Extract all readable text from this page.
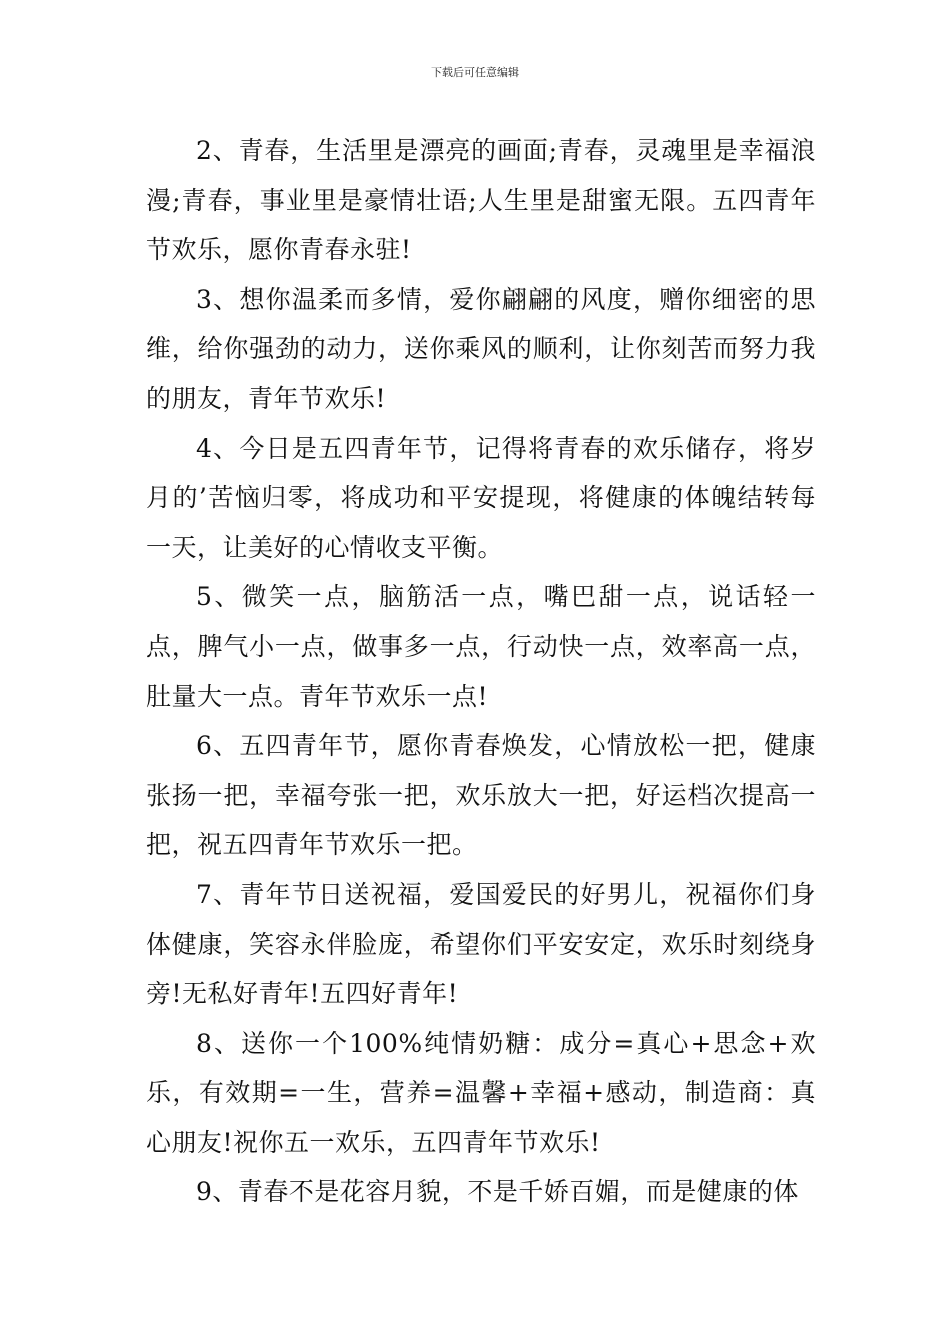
下载后可任意编辑

2、青春，生活里是漂亮的画面;青春，灵魂里是幸福浪漫;青春，事业里是豪情壮语;人生里是甜蜜无限。五四青年节欢乐，愿你青春永驻!

3、想你温柔而多情，爱你翩翩的风度，赠你细密的思维，给你强劲的动力，送你乘风的顺利，让你刻苦而努力我的朋友，青年节欢乐!

4、今日是五四青年节，记得将青春的欢乐储存，将岁月的’苦恼归零，将成功和平安提现，将健康的体魄结转每一天，让美好的心情收支平衡。

5、微笑一点，脑筋活一点，嘴巴甜一点，说话轻一点，脾气小一点，做事多一点，行动快一点，效率高一点，肚量大一点。青年节欢乐一点!

6、五四青年节，愿你青春焕发，心情放松一把，健康张扬一把，幸福夸张一把，欢乐放大一把，好运档次提高一把，祝五四青年节欢乐一把。

7、青年节日送祝福，爱国爱民的好男儿，祝福你们身体健康，笑容永伴脸庞，希望你们平安安定，欢乐时刻绕身旁!无私好青年!五四好青年!

8、送你一个100%纯情奶糖：成分=真心+思念+欢乐，有效期=一生，营养=温馨+幸福+感动，制造商：真心朋友!祝你五一欢乐，五四青年节欢乐!

9、青春不是花容月貌，不是千娇百媚，而是健康的体
